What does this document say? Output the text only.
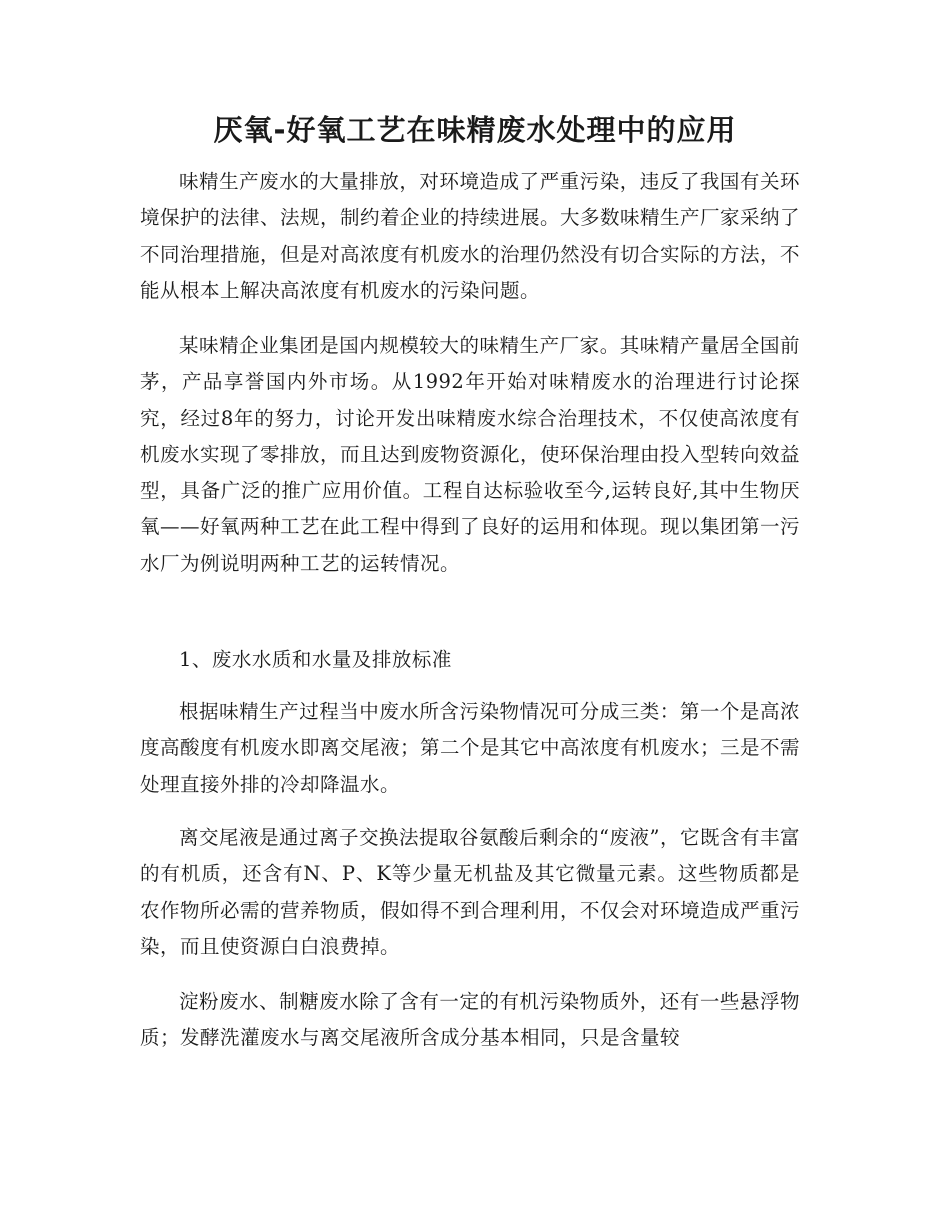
厌氧-好氧工艺在味精废水处理中的应用

味精生产废水的大量排放，对环境造成了严重污染，违反了我国有关环境保护的法律、法规，制约着企业的持续进展。大多数味精生产厂家采纳了不同治理措施，但是对高浓度有机废水的治理仍然没有切合实际的方法，不能从根本上解决高浓度有机废水的污染问题。

某味精企业集团是国内规模较大的味精生产厂家。其味精产量居全国前茅，产品享誉国内外市场。从1992年开始对味精废水的治理进行讨论探究，经过8年的努力，讨论开发出味精废水综合治理技术，不仅使高浓度有机废水实现了零排放，而且达到废物资源化，使环保治理由投入型转向效益型，具备广泛的推广应用价值。工程自达标验收至今,运转良好,其中生物厌氧——好氧两种工艺在此工程中得到了良好的运用和体现。现以集团第一污水厂为例说明两种工艺的运转情况。

1、废水水质和水量及排放标准

根据味精生产过程当中废水所含污染物情况可分成三类：第一个是高浓度高酸度有机废水即离交尾液；第二个是其它中高浓度有机废水；三是不需处理直接外排的冷却降温水。

离交尾液是通过离子交换法提取谷氨酸后剩余的“废液”，它既含有丰富的有机质，还含有N、P、K等少量无机盐及其它微量元素。这些物质都是农作物所必需的营养物质，假如得不到合理利用，不仅会对环境造成严重污染，而且使资源白白浪费掉。

淀粉废水、制糖废水除了含有一定的有机污染物质外，还有一些悬浮物质；发酵洗灌废水与离交尾液所含成分基本相同，只是含量较
